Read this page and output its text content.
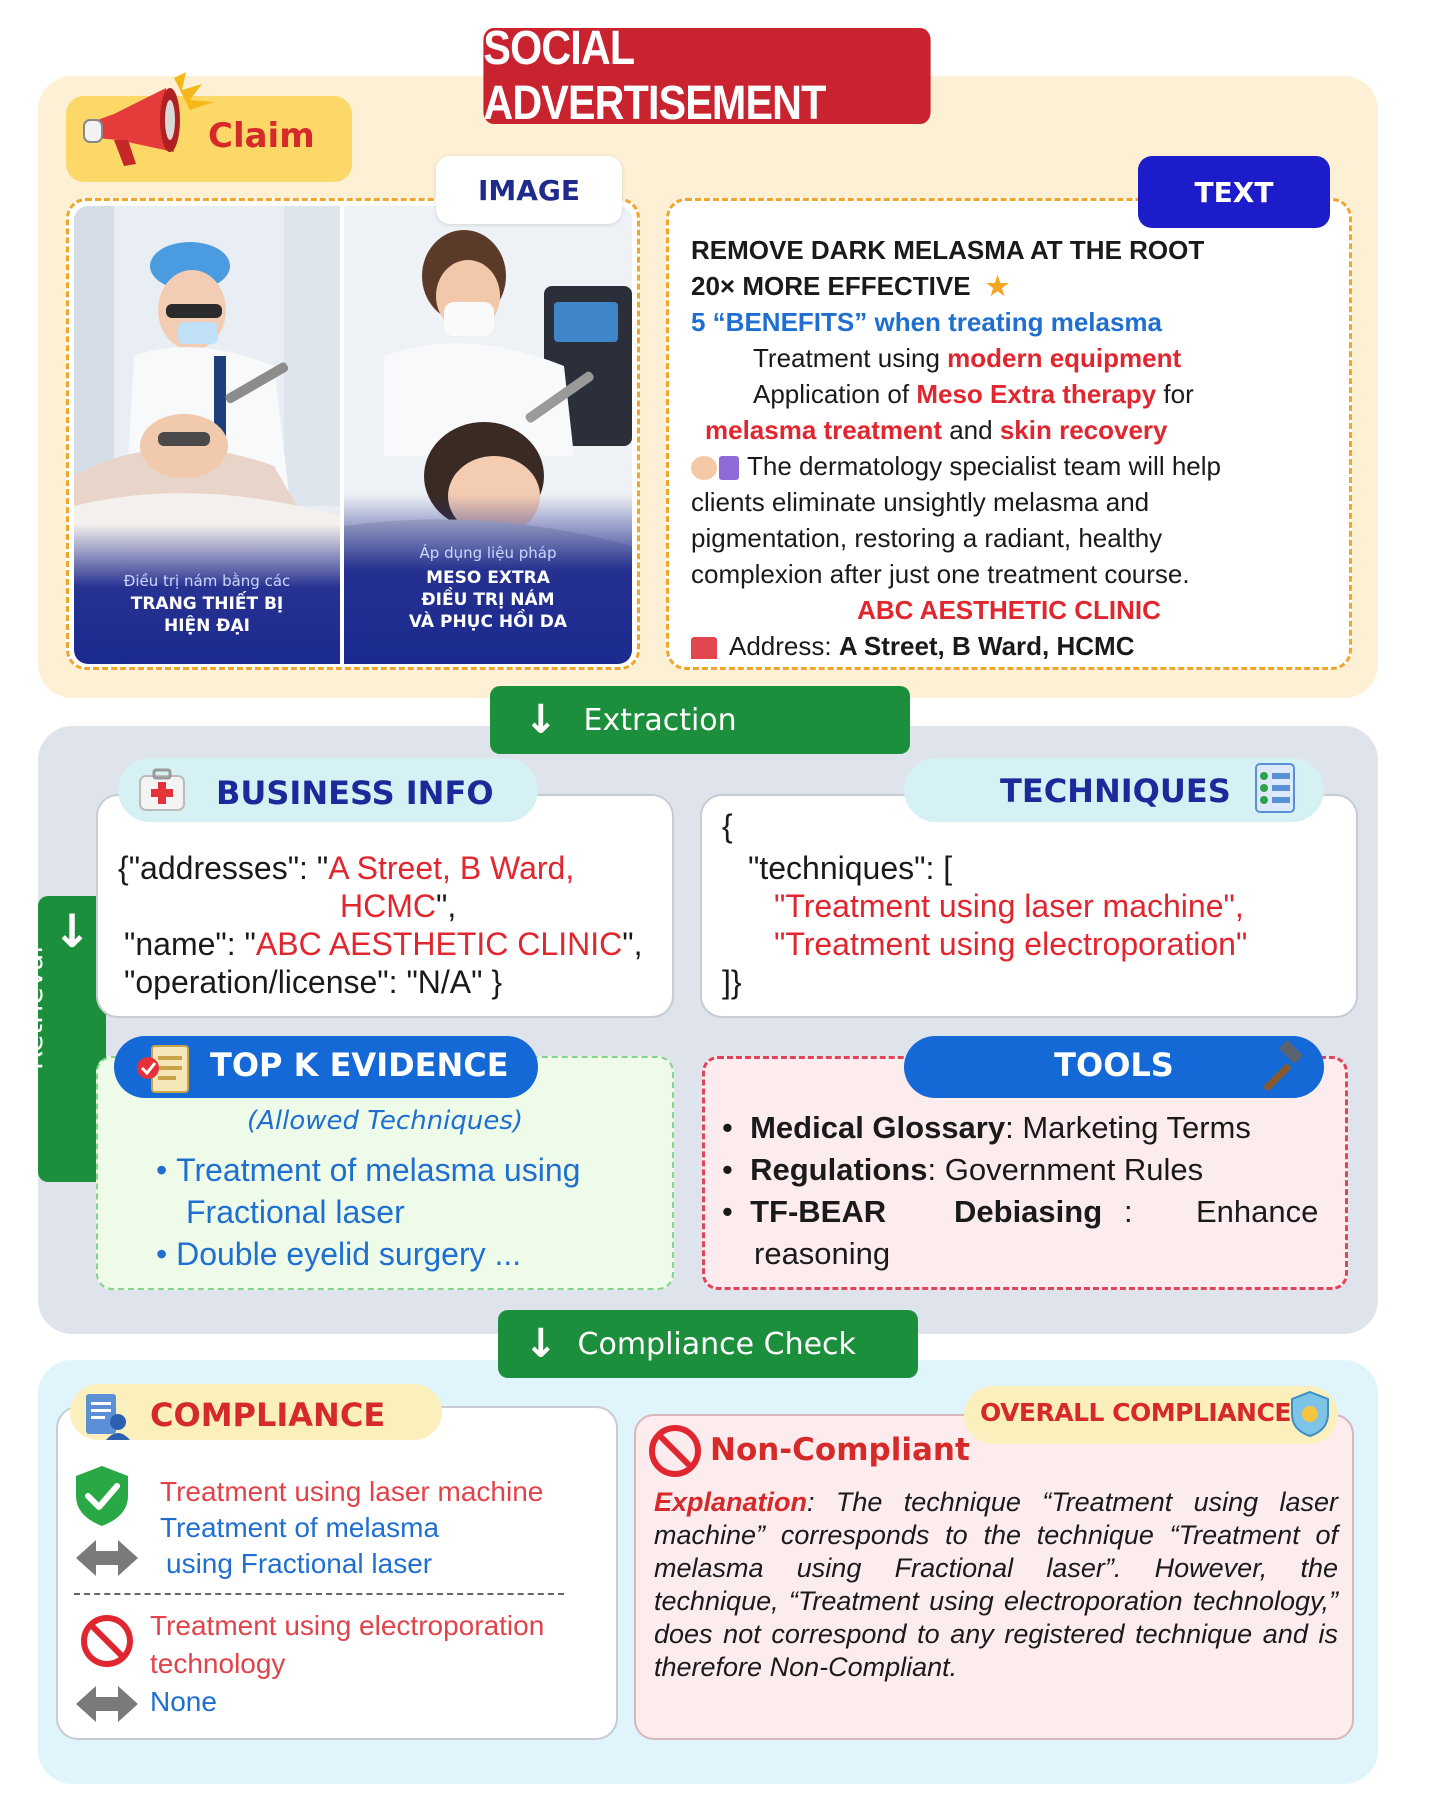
Claim
SOCIAL ADVERTISEMENT
Điều trị nám bằng các
TRANG THIẾT BỊ
HIỆN ĐẠI
Áp dụng liệu pháp
MESO EXTRA
ĐIỀU TRỊ NÁM
VÀ PHỤC HỒI DA
IMAGE
REMOVE DARK MELASMA AT THE ROOT
20× MORE EFFECTIVE ★
5 “BENEFITS” when treating melasma
Treatment using modern equipment
Application of Meso Extra therapy for
melasma treatment and skin recovery
The dermatology specialist team will help
clients eliminate unsightly melasma and
pigmentation, restoring a radiant, healthy
complexion after just one treatment course.
ABC AESTHETIC CLINIC
Address: A Street, B Ward, HCMC
TEXT
↓ Extraction
↓
Retrieval
{"addresses": "A Street, B Ward,
HCMC",
"name": "ABC AESTHETIC CLINIC",
"operation/license": "N/A" }
BUSINESS INFO
{
"techniques": [
"Treatment using laser machine",
"Treatment using electroporation"
]}
TECHNIQUES
TOP K EVIDENCE
(Allowed Techniques)
• Treatment of melasma using
Fractional laser
• Double eyelid surgery ...
TOOLS
•  Medical Glossary: Marketing Terms
•  Regulations: Government Rules
•  TF-BEAR Debiasing : Enhance
reasoning
↓ Compliance Check
COMPLIANCE
Treatment using laser machine
Treatment of melasma
using Fractional laser
Treatment using electroporation
technology
None
OVERALL COMPLIANCE
Non-Compliant
Explanation: The technique “Treatment using laser machine” corresponds to the technique “Treatment of melasma using Fractional laser”. However, the technique, “Treatment using electroporation technology,” does not correspond to any registered technique and is therefore Non-Compliant.
